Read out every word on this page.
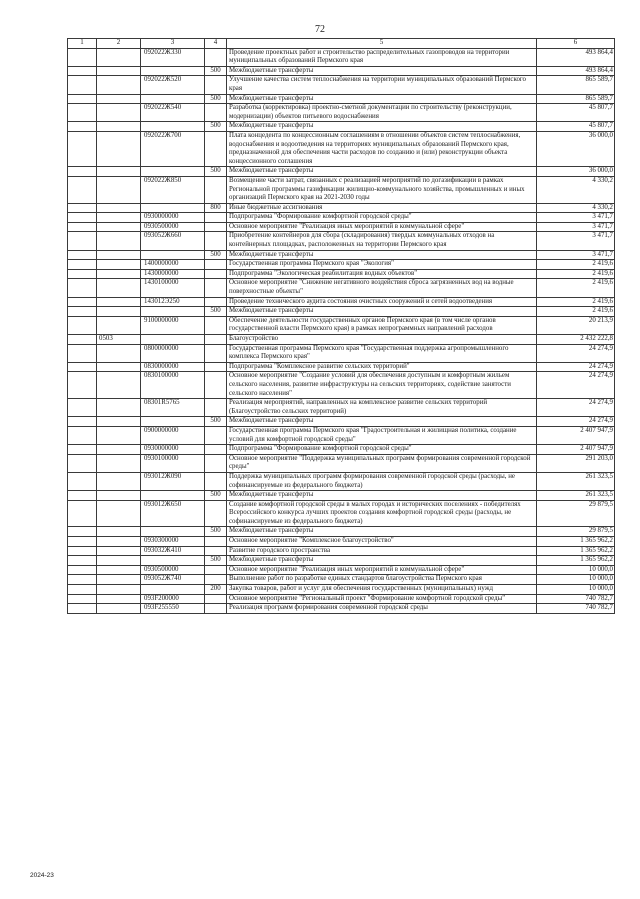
72
1	2	3	4	5	6
		092022Ж330		Проведение проектных работ и строительство распределительных газопроводов на территории муниципальных образований Пермского края	493 864,4
			500	Межбюджетные трансферты	493 864,4
		092022Ж520		Улучшение качества систем теплоснабжения на территории муниципальных образований Пермского края	865 589,7
			500	Межбюджетные трансферты	865 589,7
		092022Ж540		Разработка (корректировка) проектно-сметной документации по строительству (реконструкции, модернизации) объектов питьевого водоснабжения	45 807,7
			500	Межбюджетные трансферты	45 807,7
		092022Ж700		Плата концедента по концессионным соглашениям в отношении объектов систем теплоснабжения, водоснабжения и водоотведения на территориях муниципальных образований Пермского края, предназначенной для обеспечения части расходов по созданию и (или) реконструкции объекта концессионного соглашения	36 000,0
			500	Межбюджетные трансферты	36 000,0
		092022Ж850		Возмещение части затрат, связанных с реализацией мероприятий по догазификации в рамках Региональной программы газификации жилищно-коммунального хозяйства, промышленных и иных организаций Пермского края на 2021-2030 годы	4 330,2
			800	Иные бюджетные ассигнования	4 330,2
		0930000000		Подпрограмма "Формирование комфортной городской среды"	3 471,7
		0930500000		Основное мероприятие "Реализация иных мероприятий в коммунальной сфере"	3 471,7
		093052Ж660		Приобретение контейнеров для сбора (складирования) твердых коммунальных отходов на контейнерных площадках, расположенных на территории Пермского края	3 471,7
			500	Межбюджетные трансферты	3 471,7
		1400000000		Государственная программа Пермского края "Экология"	2 419,6
		1430000000		Подпрограмма "Экологическая реабилитация водных объектов"	2 419,6
		1430100000		Основное мероприятие "Снижение негативного воздействия сброса загрязненных вод на водные поверхностные объекты"	2 419,6
		143012Э250		Проведение технического аудита состояния очистных сооружений и сетей водоотведения	2 419,6
			500	Межбюджетные трансферты	2 419,6
		9100000000		Обеспечение деятельности государственных органов Пермского края (в том числе органов государственной власти Пермского края) в рамках непрограммных направлений расходов	20 213,9
	0503			Благоустройство	2 432 222,8
		0800000000		Государственная программа Пермского края "Государственная поддержка агропромышленного комплекса Пермского края"	24 274,9
		0830000000		Подпрограмма "Комплексное развитие сельских территорий"	24 274,9
		0830100000		Основное мероприятие "Создание условий для обеспечения доступным и комфортным жильем сельского населения, развитие инфраструктуры на сельских территориях, содействие занятости сельского населения"	24 274,9
		08301R5765		Реализация мероприятий, направленных на комплексное развитие сельских территорий (Благоустройство сельских территорий)	24 274,9
			500	Межбюджетные трансферты	24 274,9
		0900000000		Государственная программа Пермского края "Градостроительная и жилищная политика, создание условий для комфортной городской среды"	2 407 947,9
		0930000000		Подпрограмма "Формирование комфортной городской среды"	2 407 947,9
		0930100000		Основное мероприятие "Поддержка муниципальных программ формирования современной городской среды"	291 203,0
		093012Ж090		Поддержка муниципальных программ формирования современной городской среды (расходы, не софинансируемые из федерального бюджета)	261 323,5
			500	Межбюджетные трансферты	261 323,5
		093012Ж650		Создание комфортной городской среды в малых городах и исторических поселениях - победителях Всероссийского конкурса лучших проектов создания комфортной городской среды (расходы, не софинансируемые из федерального бюджета)	29 879,5
			500	Межбюджетные трансферты	29 879,5
		0930300000		Основное мероприятие "Комплексное благоустройство"	1 365 962,2
		093032Ж410		Развитие городского пространства	1 365 962,2
			500	Межбюджетные трансферты	1 365 962,2
		0930500000		Основное мероприятие "Реализация иных мероприятий в коммунальной сфере"	10 000,0
		093052Ж740		Выполнение работ по разработке единых стандартов благоустройства Пермского края	10 000,0
			200	Закупка товаров, работ и услуг для обеспечения государственных (муниципальных) нужд	10 000,0
		093F200000		Основное мероприятие "Региональный проект "Формирование комфортной городской среды"	740 782,7
		093F255550		Реализация программ формирования современной городской среды	740 782,7
2024-23
